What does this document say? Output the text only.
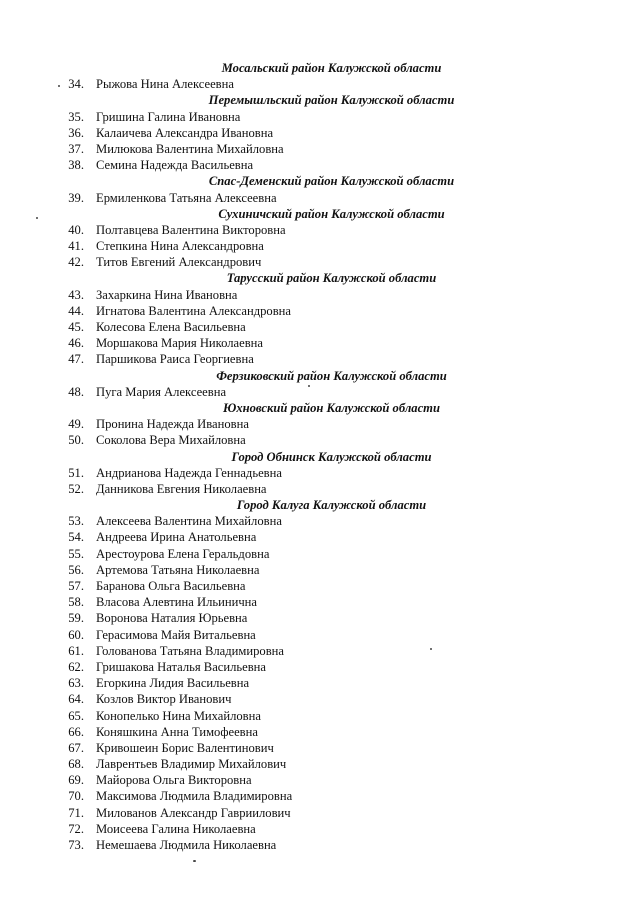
Мосальский район Калужской области
34. Рыжова Нина Алексеевна
Перемышльский район Калужской области
35. Гришина Галина Ивановна
36. Калаичева Александра Ивановна
37. Милюкова Валентина Михайловна
38. Семина Надежда Васильевна
Спас-Деменский район Калужской области
39. Ермиленкова Татьяна Алексеевна
Сухиничский район Калужской области
40. Полтавцева Валентина Викторовна
41. Степкина Нина Александровна
42. Титов Евгений Александрович
Тарусский район Калужской области
43. Захаркина Нина Ивановна
44. Игнатова Валентина Александровна
45. Колесова Елена Васильевна
46. Моршакова Мария Николаевна
47. Паршикова Раиса Георгиевна
Ферзиковский район Калужской области
48. Пуга Мария Алексеевна
Юхновский район Калужской области
49. Пронина Надежда Ивановна
50. Соколова Вера Михайловна
Город Обнинск Калужской области
51. Андрианова Надежда Геннадьевна
52. Данникова Евгения Николаевна
Город Калуга Калужской области
53. Алексеева Валентина Михайловна
54. Андреева Ирина Анатольевна
55. Арестоурова Елена Геральдовна
56. Артемова Татьяна Николаевна
57. Баранова Ольга Васильевна
58. Власова Алевтина Ильинична
59. Воронова Наталия Юрьевна
60. Герасимова Майя Витальевна
61. Голованова Татьяна Владимировна
62. Гришакова Наталья Васильевна
63. Егоркина Лидия Васильевна
64. Козлов Виктор Иванович
65. Конопелько Нина Михайловна
66. Коняшкина Анна Тимофеевна
67. Кривошеин Борис Валентинович
68. Лаврентьев Владимир Михайлович
69. Майорова Ольга Викторовна
70. Максимова Людмила Владимировна
71. Милованов Александр Гавриилович
72. Моисеева Галина Николаевна
73. Немешаева Людмила Николаевна
